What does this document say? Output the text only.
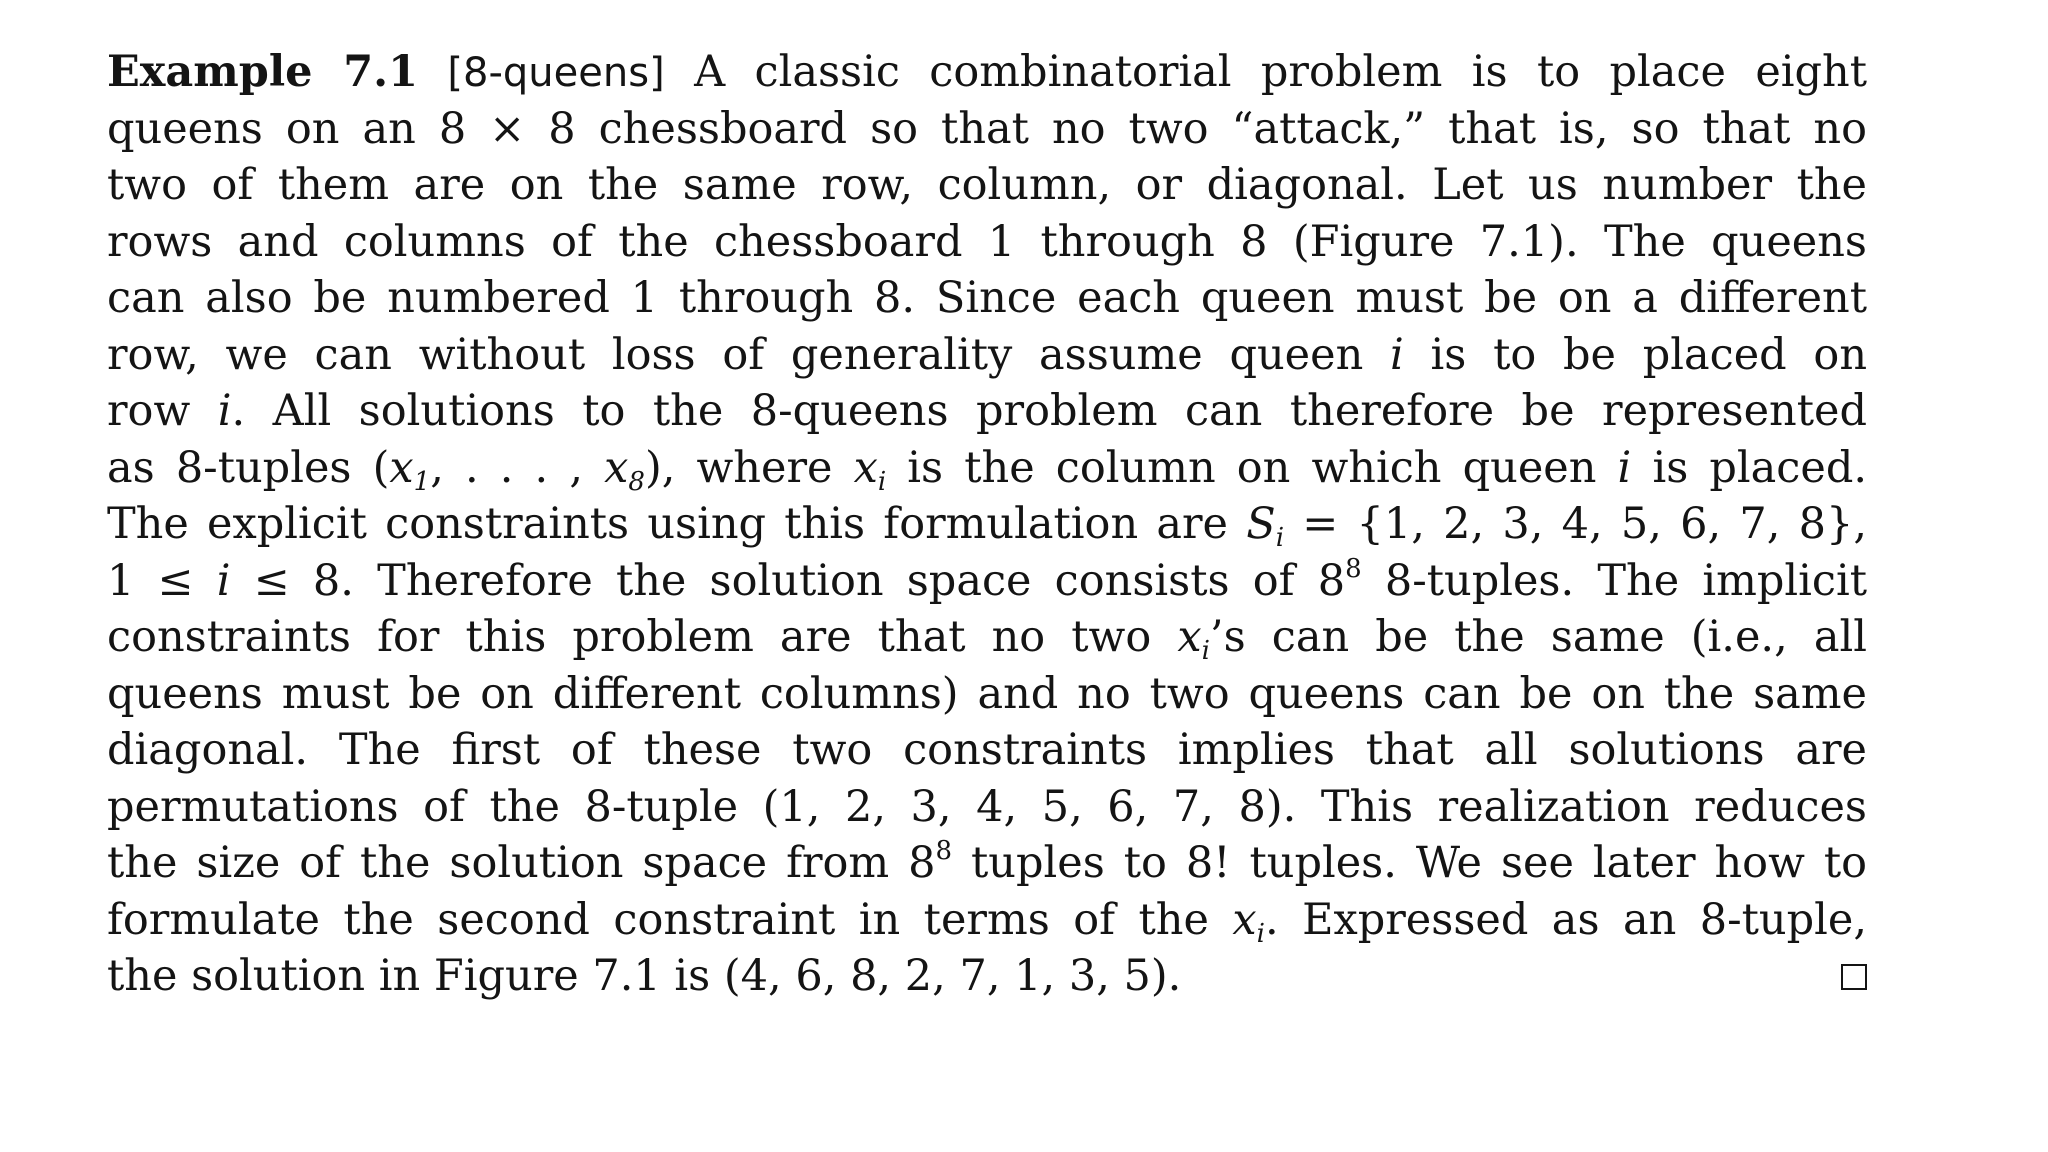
Example 7.1 [8-queens] A classic combinatorial problem is to place eight
queens on an 8 × 8 chessboard so that no two “attack,” that is, so that no
two of them are on the same row, column, or diagonal. Let us number the
rows and columns of the chessboard 1 through 8 (Figure 7.1). The queens
can also be numbered 1 through 8. Since each queen must be on a different
row, we can without loss of generality assume queen i is to be placed on
row i. All solutions to the 8-queens problem can therefore be represented
as 8-tuples ($x_1$, . . . , $x_8$), where $x_i$ is the column on which queen i is placed.
The explicit constraints using this formulation are $S_i = \{1$, 2, 3, 4, 5, 6, 7, 8},
1 ≤ i ≤ 8. Therefore the solution space consists of $8^8$ 8-tuples. The implicit
constraints for this problem are that no two $x_i’s$ can be the same (i.e., all
queens must be on different columns) and no two queens can be on the same
diagonal. The first of these two constraints implies that all solutions are
permutations of the 8-tuple (1, 2, 3, 4, 5, 6, 7, 8). This realization reduces
the size of the solution space from $8^8$ tuples to 8! tuples. We see later how to
formulate the second constraint in terms of the $x_i$. Expressed as an 8-tuple,
the solution in Figure 7.1 is (4, 6, 8, 2, 7, 1, 3, 5).
